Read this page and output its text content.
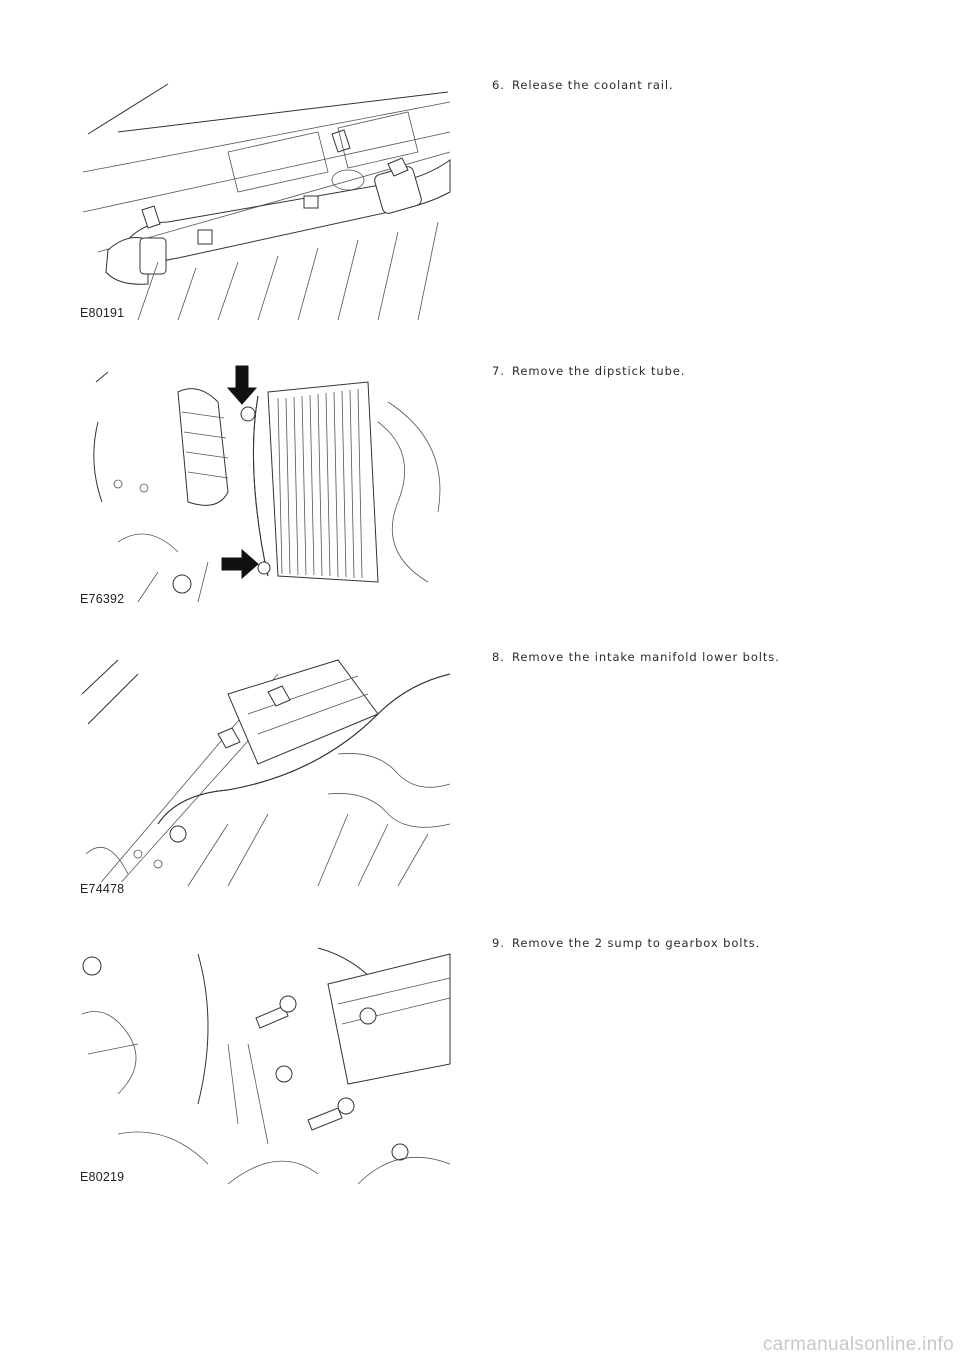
E80191
6. Release the coolant rail.
E76392
7. Remove the dipstick tube.
E74478
8. Remove the intake manifold lower bolts.
E80219
9. Remove the 2 sump to gearbox bolts.
carmanualsonline.info
